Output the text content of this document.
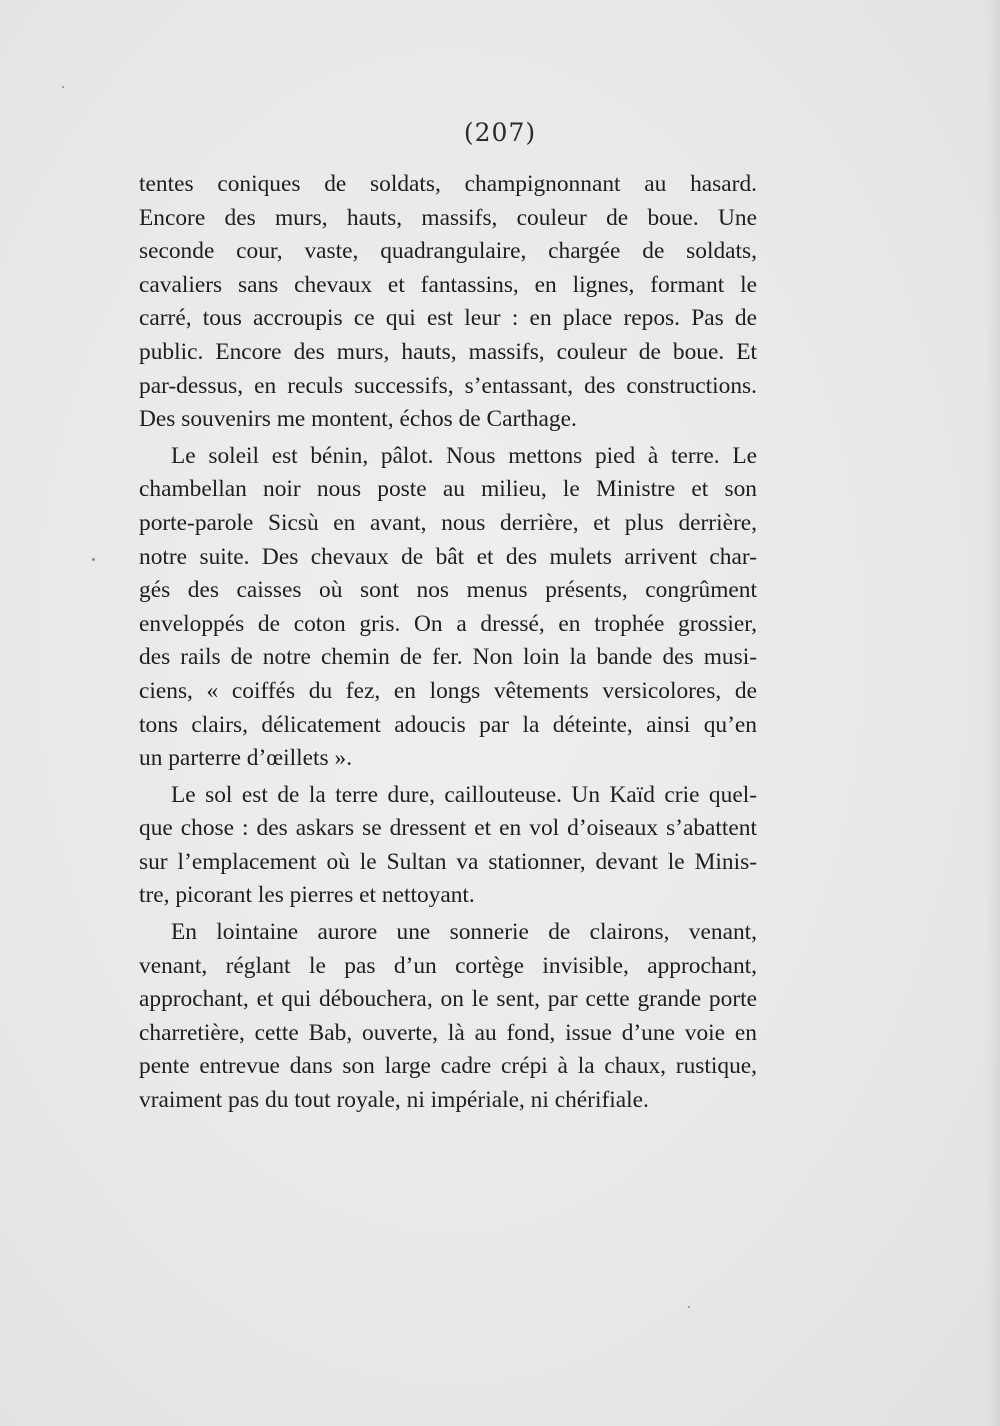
(207)
tentes coniques de soldats, champignonnant au hasard.
Encore des murs, hauts, massifs, couleur de boue. Une
seconde cour, vaste, quadrangulaire, chargée de soldats,
cavaliers sans chevaux et fantassins, en lignes, formant le
carré, tous accroupis ce qui est leur : en place repos. Pas de
public. Encore des murs, hauts, massifs, couleur de boue. Et
par-dessus, en reculs successifs, s’entassant, des constructions.
Des souvenirs me montent, échos de Carthage.
Le soleil est bénin, pâlot. Nous mettons pied à terre. Le
chambellan noir nous poste au milieu, le Ministre et son
porte-parole Sicsù en avant, nous derrière, et plus derrière,
notre suite. Des chevaux de bât et des mulets arrivent char-
gés des caisses où sont nos menus présents, congrûment
enveloppés de coton gris. On a dressé, en trophée grossier,
des rails de notre chemin de fer. Non loin la bande des musi-
ciens, « coiffés du fez, en longs vêtements versicolores, de
tons clairs, délicatement adoucis par la déteinte, ainsi qu’en
un parterre d’œillets ».
Le sol est de la terre dure, caillouteuse. Un Kaïd crie quel-
que chose : des askars se dressent et en vol d’oiseaux s’abattent
sur l’emplacement où le Sultan va stationner, devant le Minis-
tre, picorant les pierres et nettoyant.
En lointaine aurore une sonnerie de clairons, venant,
venant, réglant le pas d’un cortège invisible, approchant,
approchant, et qui débouchera, on le sent, par cette grande porte
charretière, cette Bab, ouverte, là au fond, issue d’une voie en
pente entrevue dans son large cadre crépi à la chaux, rustique,
vraiment pas du tout royale, ni impériale, ni chérifiale.
